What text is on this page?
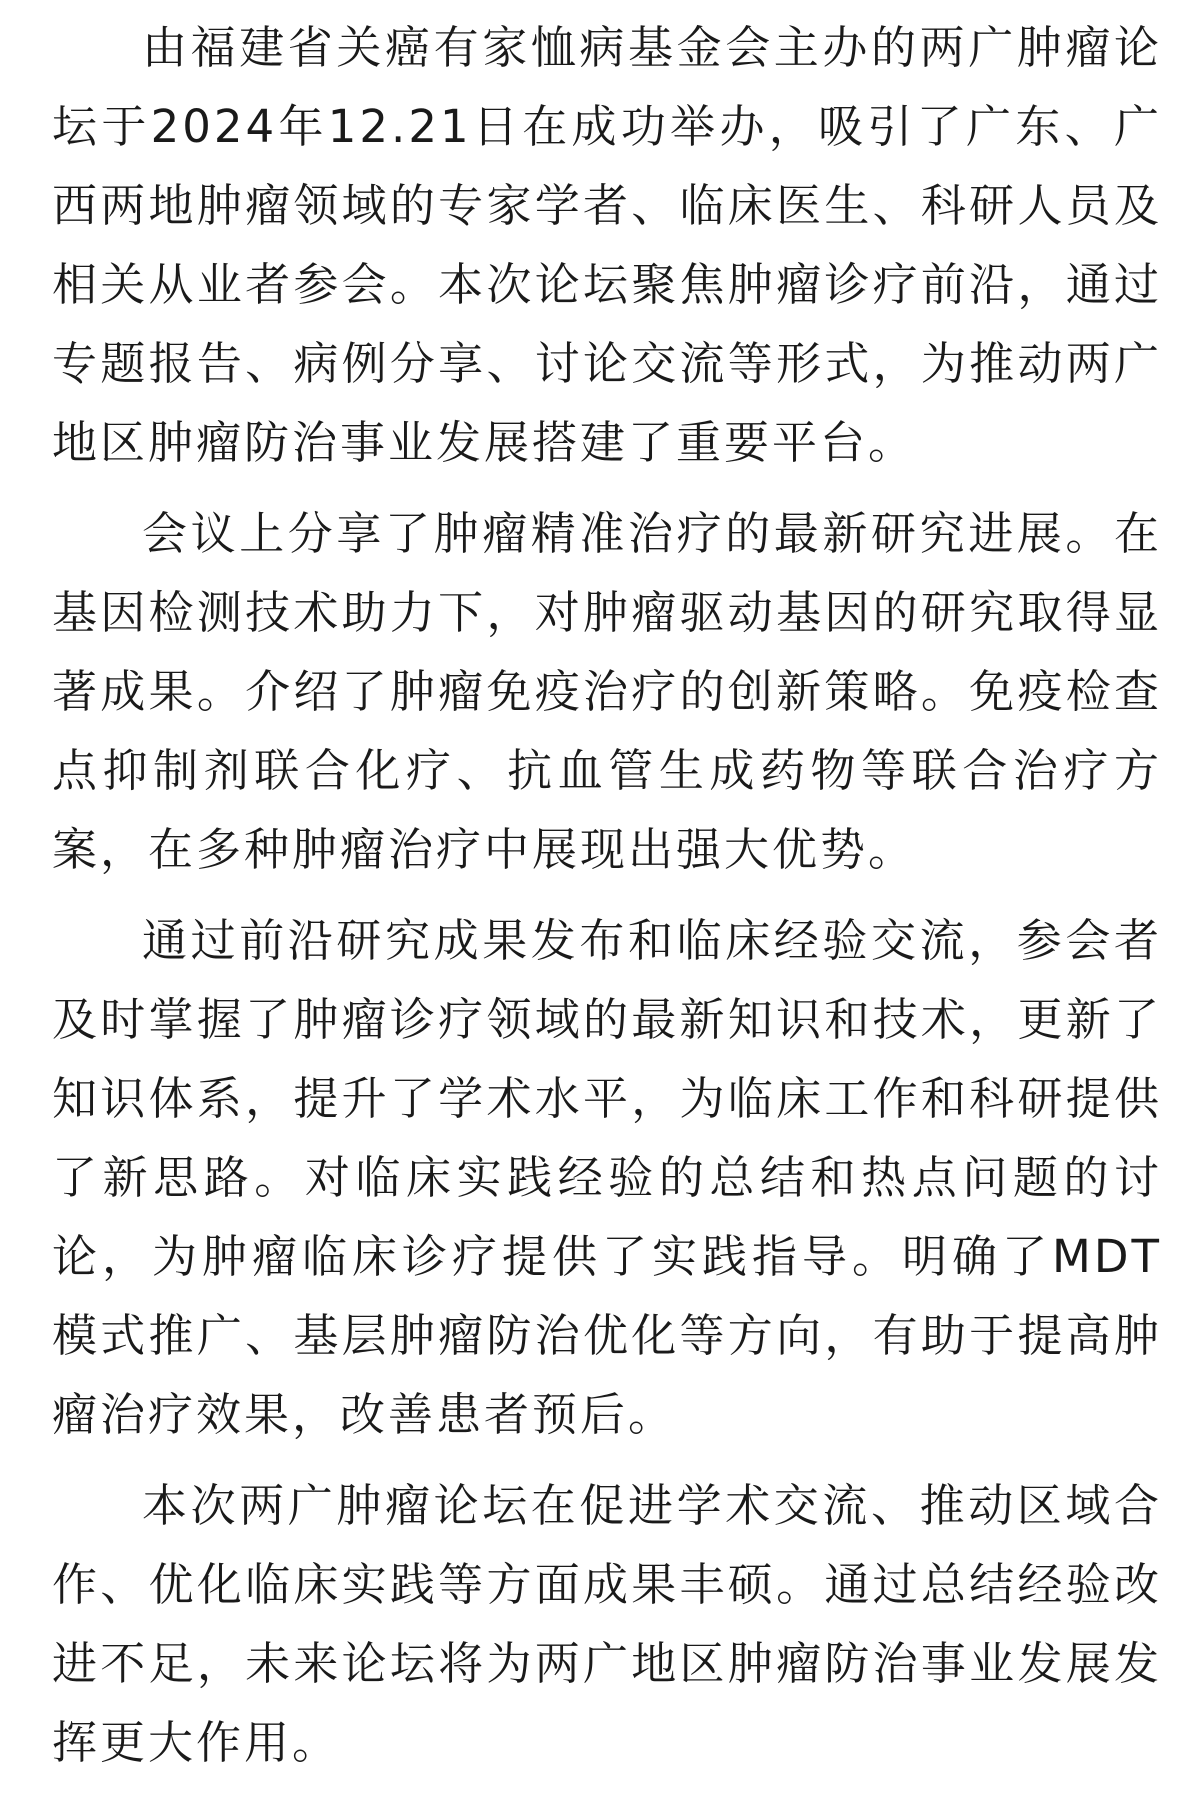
由福建省关癌有家恤病基金会主办的两广肿瘤论坛于2024年12.21日在成功举办，吸引了广东、广西两地肿瘤领域的专家学者、临床医生、科研人员及相关从业者参会。本次论坛聚焦肿瘤诊疗前沿，通过专题报告、病例分享、讨论交流等形式，为推动两广地区肿瘤防治事业发展搭建了重要平台。

会议上分享了肿瘤精准治疗的最新研究进展。在基因检测技术助力下，对肿瘤驱动基因的研究取得显著成果。介绍了肿瘤免疫治疗的创新策略。免疫检查点抑制剂联合化疗、抗血管生成药物等联合治疗方案，在多种肿瘤治疗中展现出强大优势。

通过前沿研究成果发布和临床经验交流，参会者及时掌握了肿瘤诊疗领域的最新知识和技术，更新了知识体系，提升了学术水平，为临床工作和科研提供了新思路。对临床实践经验的总结和热点问题的讨论，为肿瘤临床诊疗提供了实践指导。明确了MDT模式推广、基层肿瘤防治优化等方向，有助于提高肿瘤治疗效果，改善患者预后。

本次两广肿瘤论坛在促进学术交流、推动区域合作、优化临床实践等方面成果丰硕。通过总结经验改进不足，未来论坛将为两广地区肿瘤防治事业发展发挥更大作用。
